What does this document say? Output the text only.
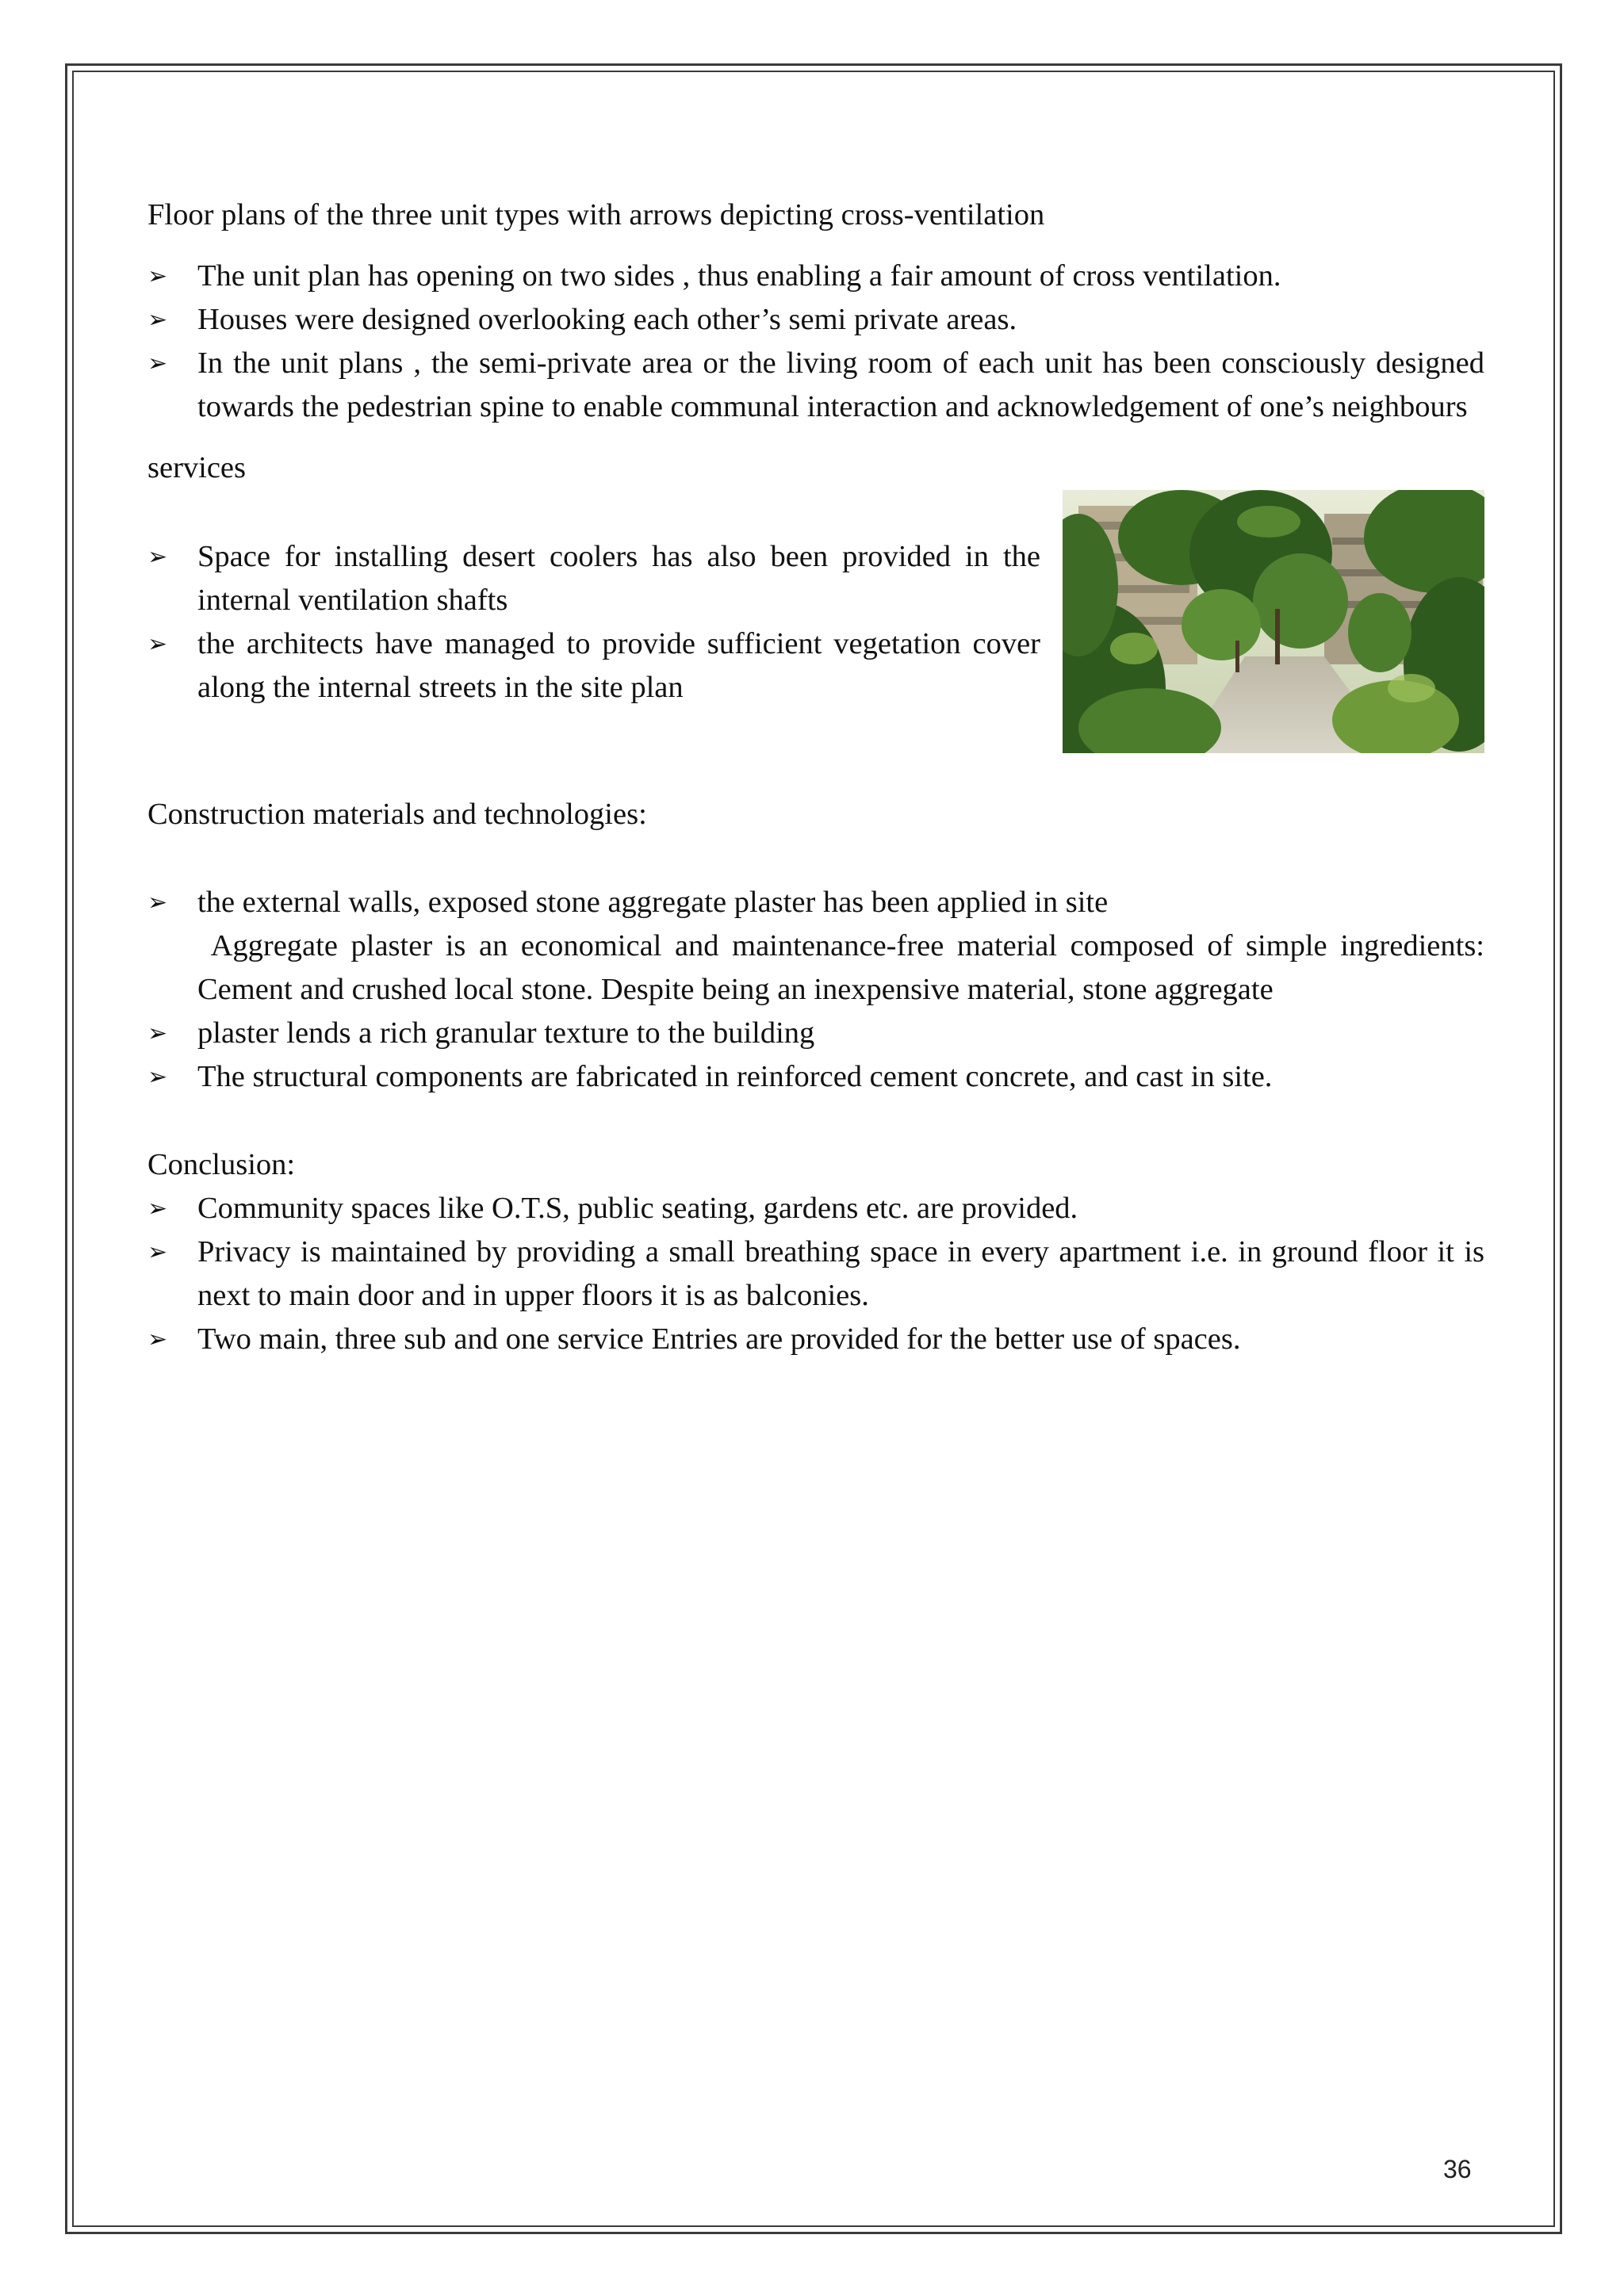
Floor plans of the three unit types with arrows depicting cross-ventilation

➢ The unit plan has opening on two sides , thus enabling a fair amount of cross ventilation.
➢ Houses were designed overlooking each other’s semi private areas.
➢ In the unit plans , the semi-private area or the living room of each unit has been consciously designed towards the pedestrian spine to enable communal interaction and acknowledgement of one’s neighbours

services

➢ Space for installing desert coolers has also been provided in the internal ventilation shafts
➢ the architects have managed to provide sufficient vegetation cover along the internal streets in the site plan

Construction materials and technologies:

➢ the external walls, exposed stone aggregate plaster has been applied in site
Aggregate plaster is an economical and maintenance-free material composed of simple ingredients: Cement and crushed local stone. Despite being an inexpensive material, stone aggregate
➢ plaster lends a rich granular texture to the building
➢ The structural components are fabricated in reinforced cement concrete, and cast in site.

Conclusion:

➢ Community spaces like O.T.S, public seating, gardens etc. are provided.
➢ Privacy is maintained by providing a small breathing space in every apartment i.e. in ground floor it is next to main door and in upper floors it is as balconies.
➢ Two main, three sub and one service Entries are provided for the better use of spaces.
36
